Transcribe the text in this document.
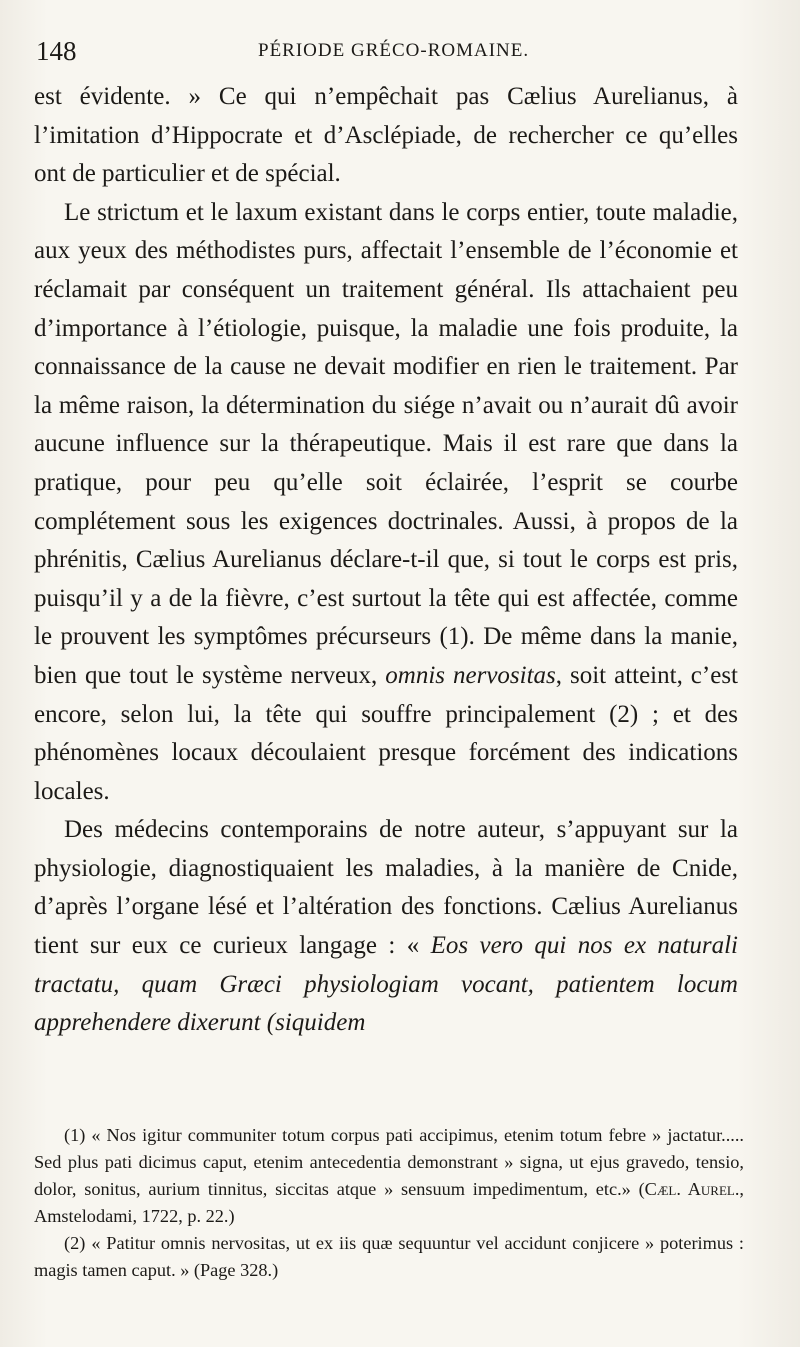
148	PÉRIODE GRÉCO-ROMAINE.

est évidente. » Ce qui n’empêchait pas Cælius Aurelianus, à l’imitation d’Hippocrate et d’Asclépiade, de rechercher ce qu’elles ont de particulier et de spécial.

Le strictum et le laxum existant dans le corps entier, toute maladie, aux yeux des méthodistes purs, affectait l’ensemble de l’économie et réclamait par conséquent un traitement général. Ils attachaient peu d’importance à l’étiologie, puisque, la maladie une fois produite, la connaissance de la cause ne devait modifier en rien le traitement. Par la même raison, la détermination du siége n’avait ou n’aurait dû avoir aucune influence sur la thérapeutique. Mais il est rare que dans la pratique, pour peu qu’elle soit éclairée, l’esprit se courbe complétement sous les exigences doctrinales. Aussi, à propos de la phrénitis, Cælius Aurelianus déclare-t-il que, si tout le corps est pris, puisqu’il y a de la fièvre, c’est surtout la tête qui est affectée, comme le prouvent les symptômes précurseurs (1). De même dans la manie, bien que tout le système nerveux, omnis nervositas, soit atteint, c’est encore, selon lui, la tête qui souffre principalement (2) ; et des phénomènes locaux découlaient presque forcément des indications locales.

Des médecins contemporains de notre auteur, s’appuyant sur la physiologie, diagnostiquaient les maladies, à la manière de Cnide, d’après l’organe lésé et l’altération des fonctions. Cælius Aurelianus tient sur eux ce curieux langage : « Eos vero qui nos ex naturali tractatu, quam Græci physiologiam vocant, patientem locum apprehendere dixerunt (siquidem

(1) « Nos igitur communiter totum corpus pati accipimus, etenim totum febre » jactatur..... Sed plus pati dicimus caput, etenim antecedentia demonstrant » signa, ut ejus gravedo, tensio, dolor, sonitus, aurium tinnitus, siccitas atque » sensuum impedimentum, etc.» (Cæl. Aurel., Amstelodami, 1722, p. 22.)

(2) « Patitur omnis nervositas, ut ex iis quæ sequuntur vel accidunt conjicere » poterimus : magis tamen caput. » (Page 328.)
